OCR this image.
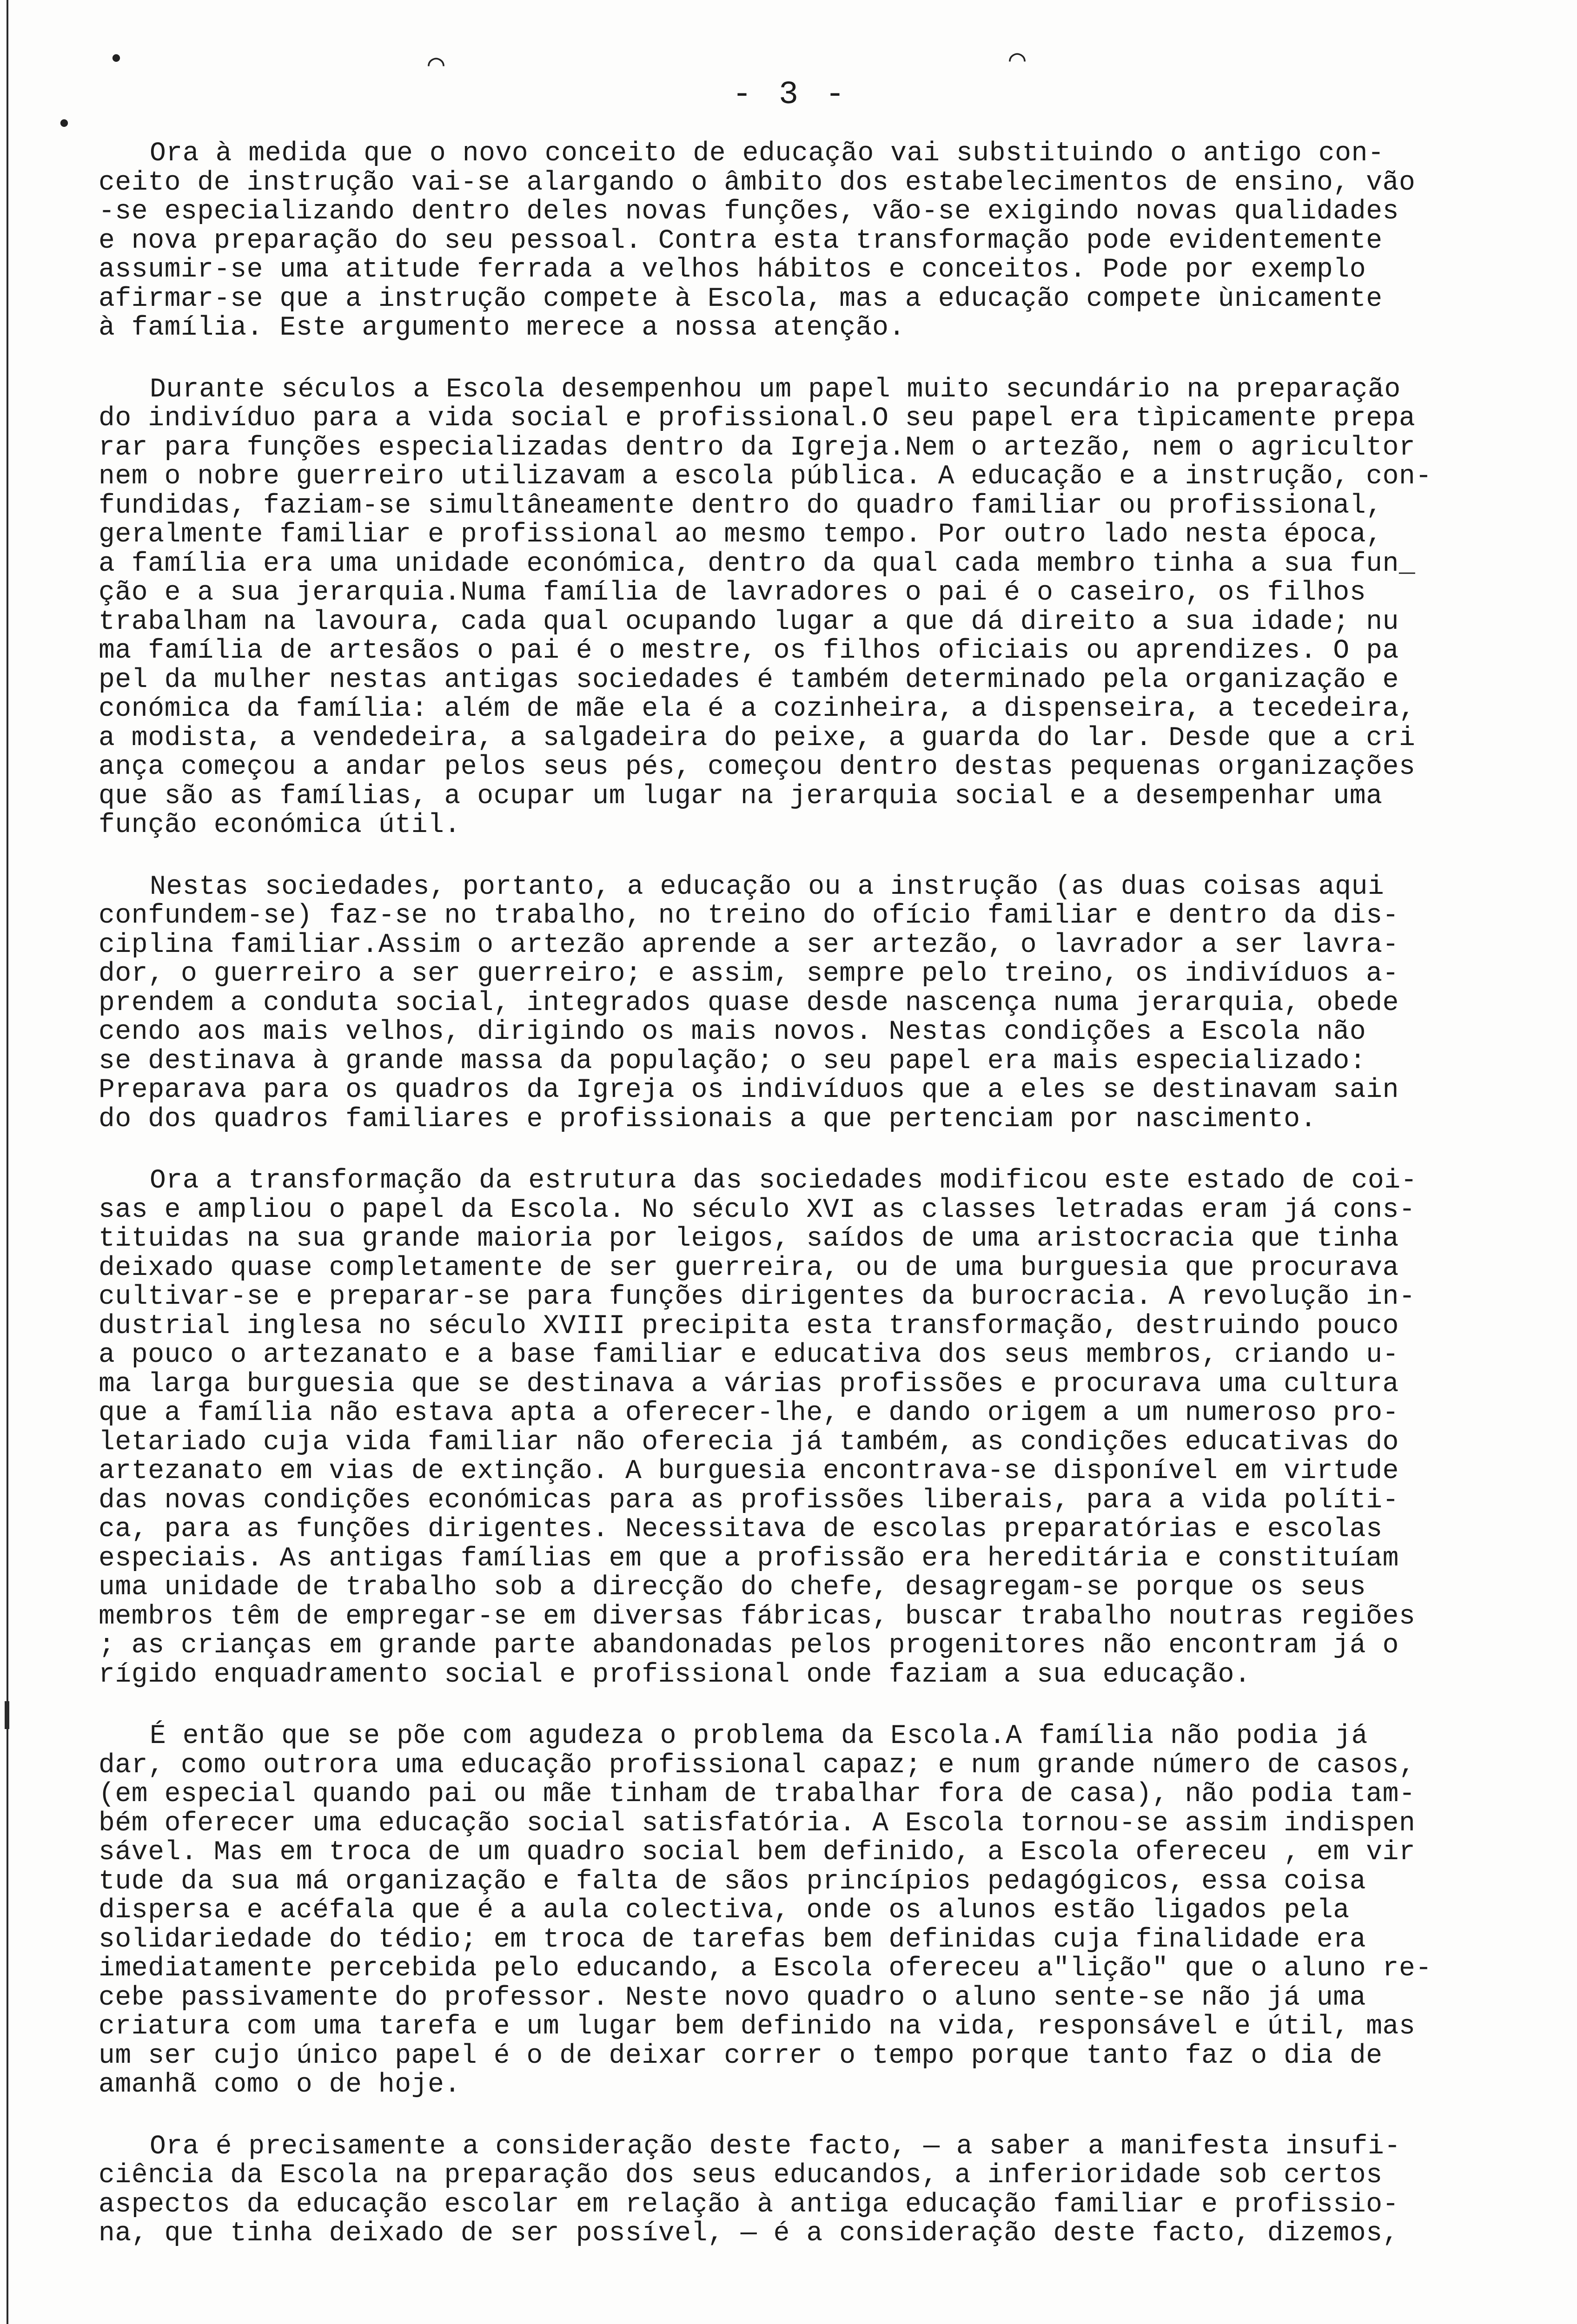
•
•
⌒	⌒
- 3 -

Ora à medida que o novo conceito de educação vai substituindo o antigo con-
ceito de instrução vai-se alargando o âmbito dos estabelecimentos de ensino, vão
-se especializando dentro deles novas funções, vão-se exigindo novas qualidades
e nova preparação do seu pessoal. Contra esta transformação pode evidentemente
assumir-se uma atitude ferrada a velhos hábitos e conceitos. Pode por exemplo
afirmar-se que a instrução compete à Escola, mas a educação compete ùnicamente
à família. Este argumento merece a nossa atenção.

Durante séculos a Escola desempenhou um papel muito secundário na preparação
do indivíduo para a vida social e profissional.O seu papel era tìpicamente prepa
rar para funções especializadas dentro da Igreja.Nem o artezão, nem o agricultor
nem o nobre guerreiro utilizavam a escola pública. A educação e a instrução, con-
fundidas, faziam-se simultâneamente dentro do quadro familiar ou profissional,
geralmente familiar e profissional ao mesmo tempo. Por outro lado nesta época,
a família era uma unidade económica, dentro da qual cada membro tinha a sua fun_
ção e a sua jerarquia.Numa família de lavradores o pai é o caseiro, os filhos
trabalham na lavoura, cada qual ocupando lugar a que dá direito a sua idade; nu
ma família de artesãos o pai é o mestre, os filhos oficiais ou aprendizes. O pa
pel da mulher nestas antigas sociedades é também determinado pela organização e
conómica da família: além de mãe ela é a cozinheira, a dispenseira, a tecedeira,
a modista, a vendedeira, a salgadeira do peixe, a guarda do lar. Desde que a cri
ança começou a andar pelos seus pés, começou dentro destas pequenas organizações
que são as famílias, a ocupar um lugar na jerarquia social e a desempenhar uma
função económica útil.

Nestas sociedades, portanto, a educação ou a instrução (as duas coisas aqui
confundem-se) faz-se no trabalho, no treino do ofício familiar e dentro da dis-
ciplina familiar.Assim o artezão aprende a ser artezão, o lavrador a ser lavra-
dor, o guerreiro a ser guerreiro; e assim, sempre pelo treino, os indivíduos a-
prendem a conduta social, integrados quase desde nascença numa jerarquia, obede
cendo aos mais velhos, dirigindo os mais novos. Nestas condições a Escola não
se destinava à grande massa da população; o seu papel era mais especializado:
Preparava para os quadros da Igreja os indivíduos que a eles se destinavam sain
do dos quadros familiares e profissionais a que pertenciam por nascimento.

Ora a transformação da estrutura das sociedades modificou este estado de coi-
sas e ampliou o papel da Escola. No século XVI as classes letradas eram já cons-
tituidas na sua grande maioria por leigos, saídos de uma aristocracia que tinha
deixado quase completamente de ser guerreira, ou de uma burguesia que procurava
cultivar-se e preparar-se para funções dirigentes da burocracia. A revolução in-
dustrial inglesa no século XVIII precipita esta transformação, destruindo pouco
a pouco o artezanato e a base familiar e educativa dos seus membros, criando u-
ma larga burguesia que se destinava a várias profissões e procurava uma cultura
que a família não estava apta a oferecer-lhe, e dando origem a um numeroso pro-
letariado cuja vida familiar não oferecia já também, as condições educativas do
artezanato em vias de extinção. A burguesia encontrava-se disponível em virtude
das novas condições económicas para as profissões liberais, para a vida políti-
ca, para as funções dirigentes. Necessitava de escolas preparatórias e escolas
especiais. As antigas famílias em que a profissão era hereditária e constituíam
uma unidade de trabalho sob a direcção do chefe, desagregam-se porque os seus
membros têm de empregar-se em diversas fábricas, buscar trabalho noutras regiões
; as crianças em grande parte abandonadas pelos progenitores não encontram já o
rígido enquadramento social e profissional onde faziam a sua educação.

É então que se põe com agudeza o problema da Escola.A família não podia já
dar, como outrora uma educação profissional capaz; e num grande número de casos,
(em especial quando pai ou mãe tinham de trabalhar fora de casa), não podia tam-
bém oferecer uma educação social satisfatória. A Escola tornou-se assim indispen
sável. Mas em troca de um quadro social bem definido, a Escola ofereceu , em vir
tude da sua má organização e falta de sãos princípios pedagógicos, essa coisa
dispersa e acéfala que é a aula colectiva, onde os alunos estão ligados pela
solidariedade do tédio; em troca de tarefas bem definidas cuja finalidade era
imediatamente percebida pelo educando, a Escola ofereceu a"lição" que o aluno re-
cebe passivamente do professor. Neste novo quadro o aluno sente-se não já uma
criatura com uma tarefa e um lugar bem definido na vida, responsável e útil, mas
um ser cujo único papel é o de deixar correr o tempo porque tanto faz o dia de
amanhã como o de hoje.

Ora é precisamente a consideração deste facto, — a saber a manifesta insufi-
ciência da Escola na preparação dos seus educandos, a inferioridade sob certos
aspectos da educação escolar em relação à antiga educação familiar e profissio-
na, que tinha deixado de ser possível, — é a consideração deste facto, dizemos,
